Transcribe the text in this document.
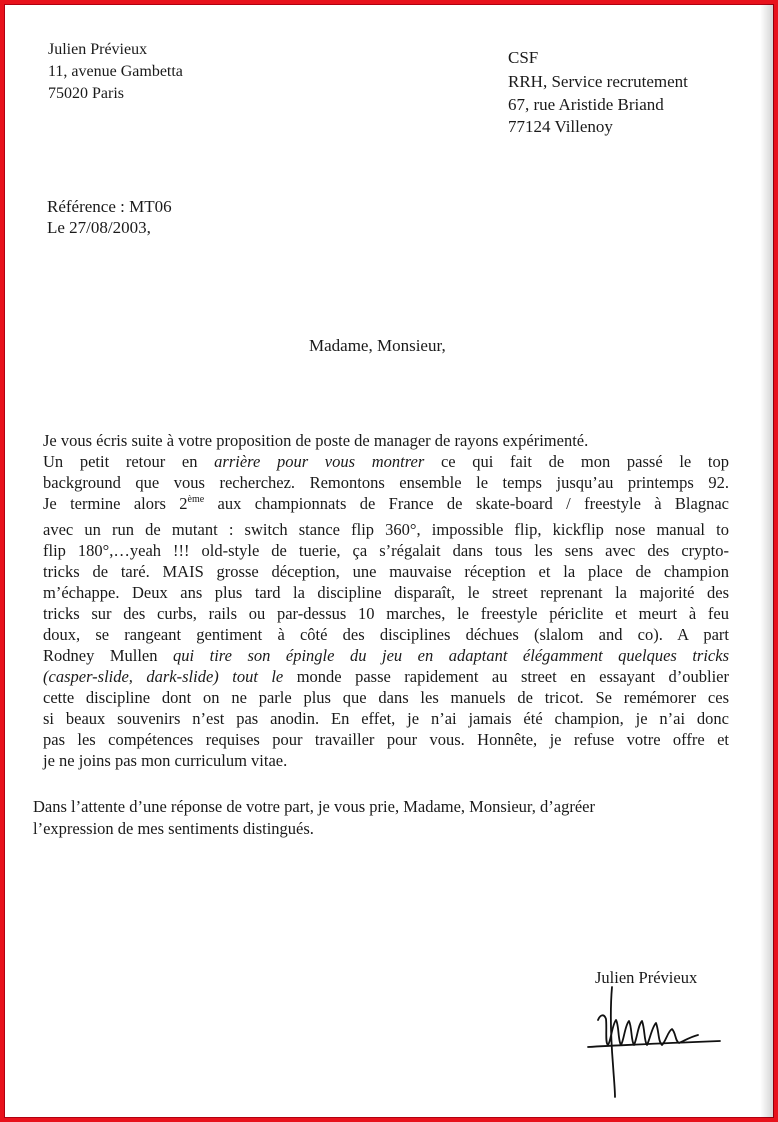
Julien Prévieux
11, avenue Gambetta
75020 Paris
CSF
RRH, Service recrutement
67, rue Aristide Briand
77124 Villenoy
Référence : MT06
Le 27/08/2003,
Madame, Monsieur,
Je vous écris suite à votre proposition de poste de manager de rayons expérimenté.
Un petit retour en arrière pour vous montrer ce qui fait de mon passé le top
background que vous recherchez. Remontons ensemble le temps jusqu’au printemps 92.
Je termine alors 2ème aux championnats de France de skate-board / freestyle à Blagnac
avec un run de mutant : switch stance flip 360°, impossible flip, kickflip nose manual to
flip 180°,…yeah !!! old-style de tuerie, ça s’régalait dans tous les sens avec des crypto-
tricks de taré. MAIS grosse déception, une mauvaise réception et la place de champion
m’échappe. Deux ans plus tard la discipline disparaît, le street reprenant la majorité des
tricks sur des curbs, rails ou par-dessus 10 marches, le freestyle périclite et meurt à feu
doux, se rangeant gentiment à côté des disciplines déchues (slalom and co). A part
Rodney Mullen qui tire son épingle du jeu en adaptant élégamment quelques tricks
(casper-slide, dark-slide) tout le monde passe rapidement au street en essayant d’oublier
cette discipline dont on ne parle plus que dans les manuels de tricot. Se remémorer ces
si beaux souvenirs n’est pas anodin. En effet, je n’ai jamais été champion, je n’ai donc
pas les compétences requises pour travailler pour vous. Honnête, je refuse votre offre et
je ne joins pas mon curriculum vitae.
Dans l’attente d’une réponse de votre part, je vous prie, Madame, Monsieur, d’agréer
l’expression de mes sentiments distingués.
Julien Prévieux
